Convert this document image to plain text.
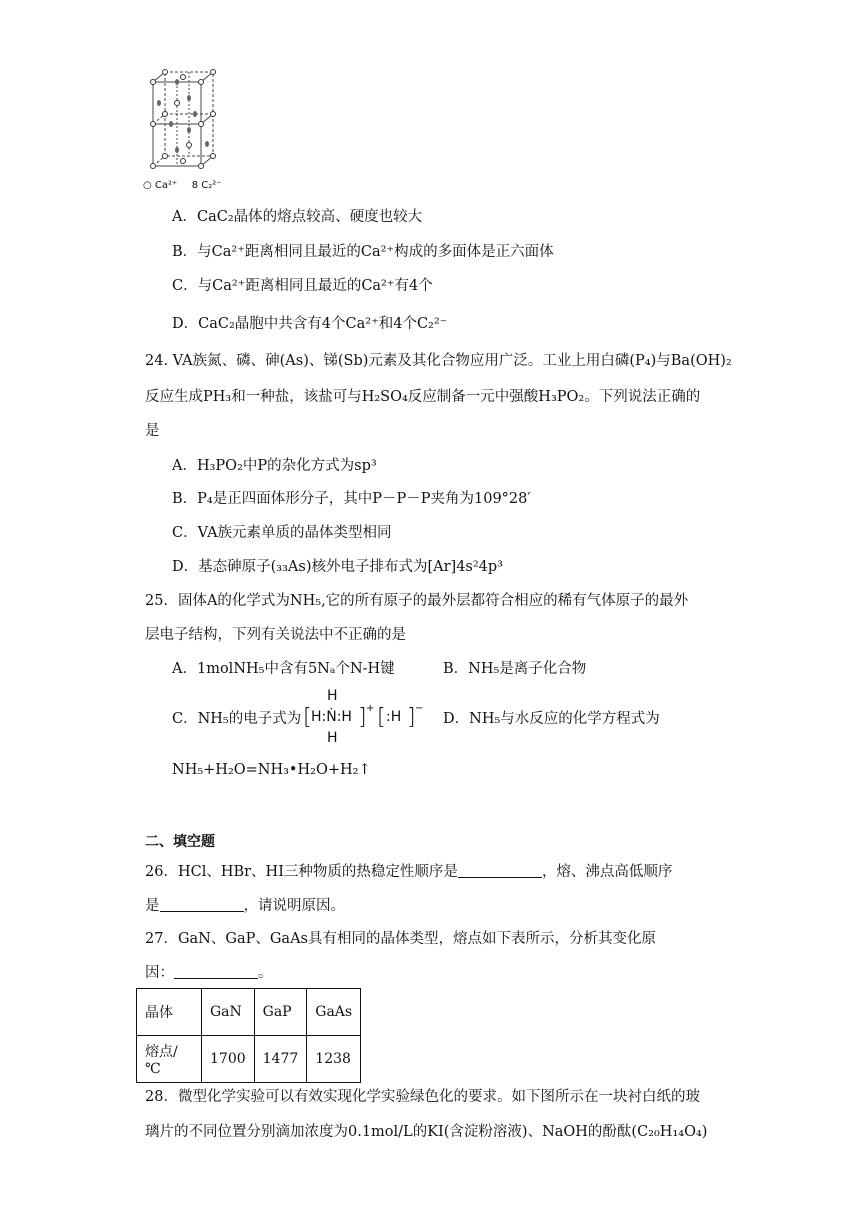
○ Ca²⁺ 8 C₂²⁻
A．CaC₂晶体的熔点较高、硬度也较大
B．与Ca²⁺距离相同且最近的Ca²⁺构成的多面体是正六面体
C．与Ca²⁺距离相同且最近的Ca²⁺有4个
D．CaC₂晶胞中共含有4个Ca²⁺和4个C₂²⁻
24. VA族氮、磷、砷(As)、锑(Sb)元素及其化合物应用广泛。工业上用白磷(P₄)与Ba(OH)₂
反应生成PH₃和一种盐，该盐可与H₂SO₄反应制备一元中强酸H₃PO₂。下列说法正确的
是
A．H₃PO₂中P的杂化方式为sp³
B．P₄是正四面体形分子，其中P－P－P夹角为109°28′
C．VA族元素单质的晶体类型相同
D．基态砷原子(₃₃As)核外电子排布式为[Ar]4s²4p³
25．固体A的化学式为NH₅,它的所有原子的最外层都符合相应的稀有气体原子的最外
层电子结构，下列有关说法中不正确的是
A．1molNH₅中含有5Nₐ个N-H键	B．NH₅是离子化合物
C．NH₅的电子式为
H

[ H:Ṅ:H ] + [ :H ] −
H
D．NH₅与水反应的化学方程式为
NH₅+H₂O=NH₃•H₂O+H₂↑
二、填空题
26．HCl、HBr、HI三种物质的热稳定性顺序是	，熔、沸点高低顺序
是	，请说明原因。
27．GaN、GaP、GaAs具有相同的晶体类型，熔点如下表所示，分析其变化原
因：	。
晶体	GaN	GaP	GaAs
熔点/℃	1700	1477	1238
28．微型化学实验可以有效实现化学实验绿色化的要求。如下图所示在一块衬白纸的玻
璃片的不同位置分别滴加浓度为0.1mol/L的KI(含淀粉溶液)、NaOH的酚酞(C₂₀H₁₄O₄)
